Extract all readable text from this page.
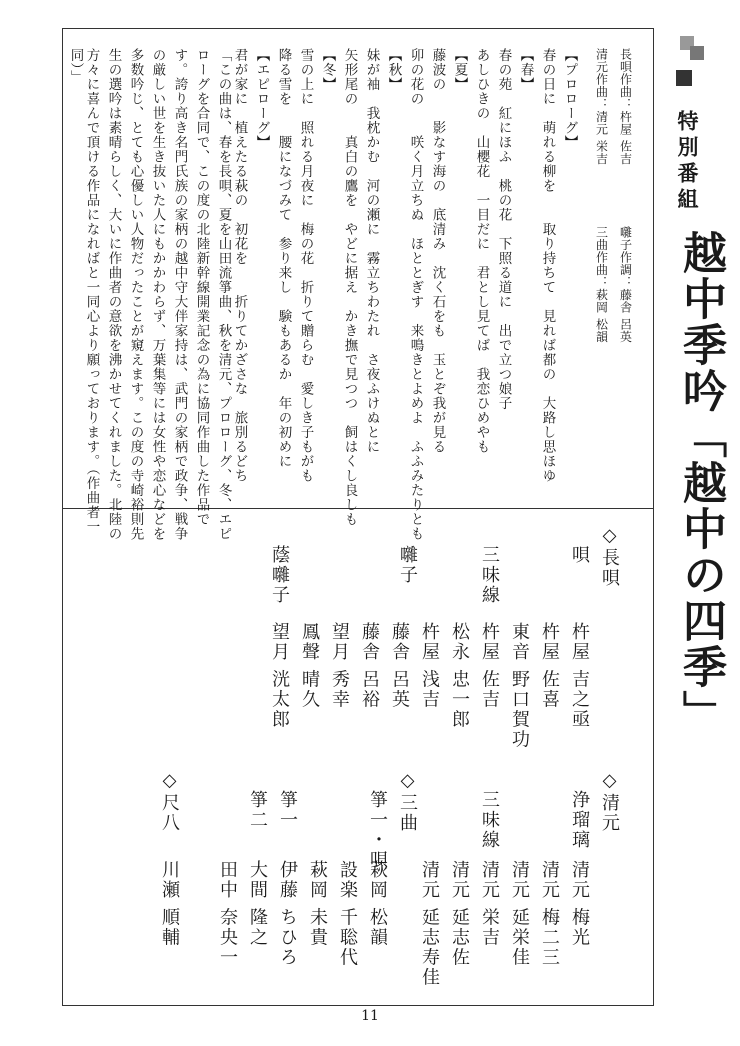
特別番組
越中季吟「越中の四季」
長唄作曲：杵屋 佐吉
清元作曲：清元 栄吉
囃子作調：藤舎 呂英
三曲作曲：萩岡 松韻
【プロローグ】
春の日に　萌れる柳を　　取り持ちて　見れば都の　大路し思ほゆ
【春】
春の苑　紅にほふ　桃の花　下照る道に　出で立つ娘子
あしひきの　山櫻花　一目だに　君とし見てば　我恋ひめやも
【夏】
藤波の　　影なす海の　底清み　沈く石をも　玉とぞ我が見る
卯の花の　　咲く月立ちぬ　ほととぎす　来鳴きとよめよ　ふふみたりとも
【秋】
妹が袖　我枕かむ　河の瀬に　霧立ちわたれ　さ夜ふけぬとに
矢形尾の　　真白の鷹を　やどに据え　かき撫で見つつ　飼はくし良しも
【冬】
雪の上に　照れる月夜に　梅の花　折りて贈らむ　愛しき子もがも
降る雪を　　腰になづみて　参り来し　験もあるか　年の初めに
【エピローグ】
君が家に　植えたる萩の　初花を　　折りてかざさな　旅別るどち
「この曲は、春を長唄、夏を山田流箏曲、秋を清元、プロローグ、冬、エピ
ローグを合同で、この度の北陸新幹線開業記念の為に協同作曲した作品で
す。誇り高き名門氏族の家柄の越中守大伴家持は、武門の家柄で政争、戦争
の厳しい世を生き抜いた人にもかかわらず、万葉集等には女性や恋心などを
多数吟じ、とても心優しい人物だったことが窺えます。この度の寺崎裕則先
生の選吟は素晴らしく、大いに作曲者の意欲を沸かせてくれました。北陸の
方々に喜んで頂ける作品になればと一同心より願っております。（作曲者一
同）」
◇長唄
　唄
杵屋 吉之亟
杵屋 佐喜
東音 野口賀功
三味線
杵屋 佐吉
松永 忠一郎
杵屋 浅吉
囃子
藤舎 呂英
藤舎 呂裕
望月 秀幸
鳳聲 晴久
蔭囃子
望月 洸太郎
◇清元
浄瑠璃
清元 梅光
清元 梅二三
清元 延栄佳
三味線
清元 栄吉
清元 延志佐
清元 延志寿佳
◇三曲
箏一・唄
萩岡 松韻
設楽 千聡代
萩岡 未貴
箏一
伊藤 ちひろ
箏二
大間 隆之
田中 奈央一
◇尺八
川瀬 順輔
11
